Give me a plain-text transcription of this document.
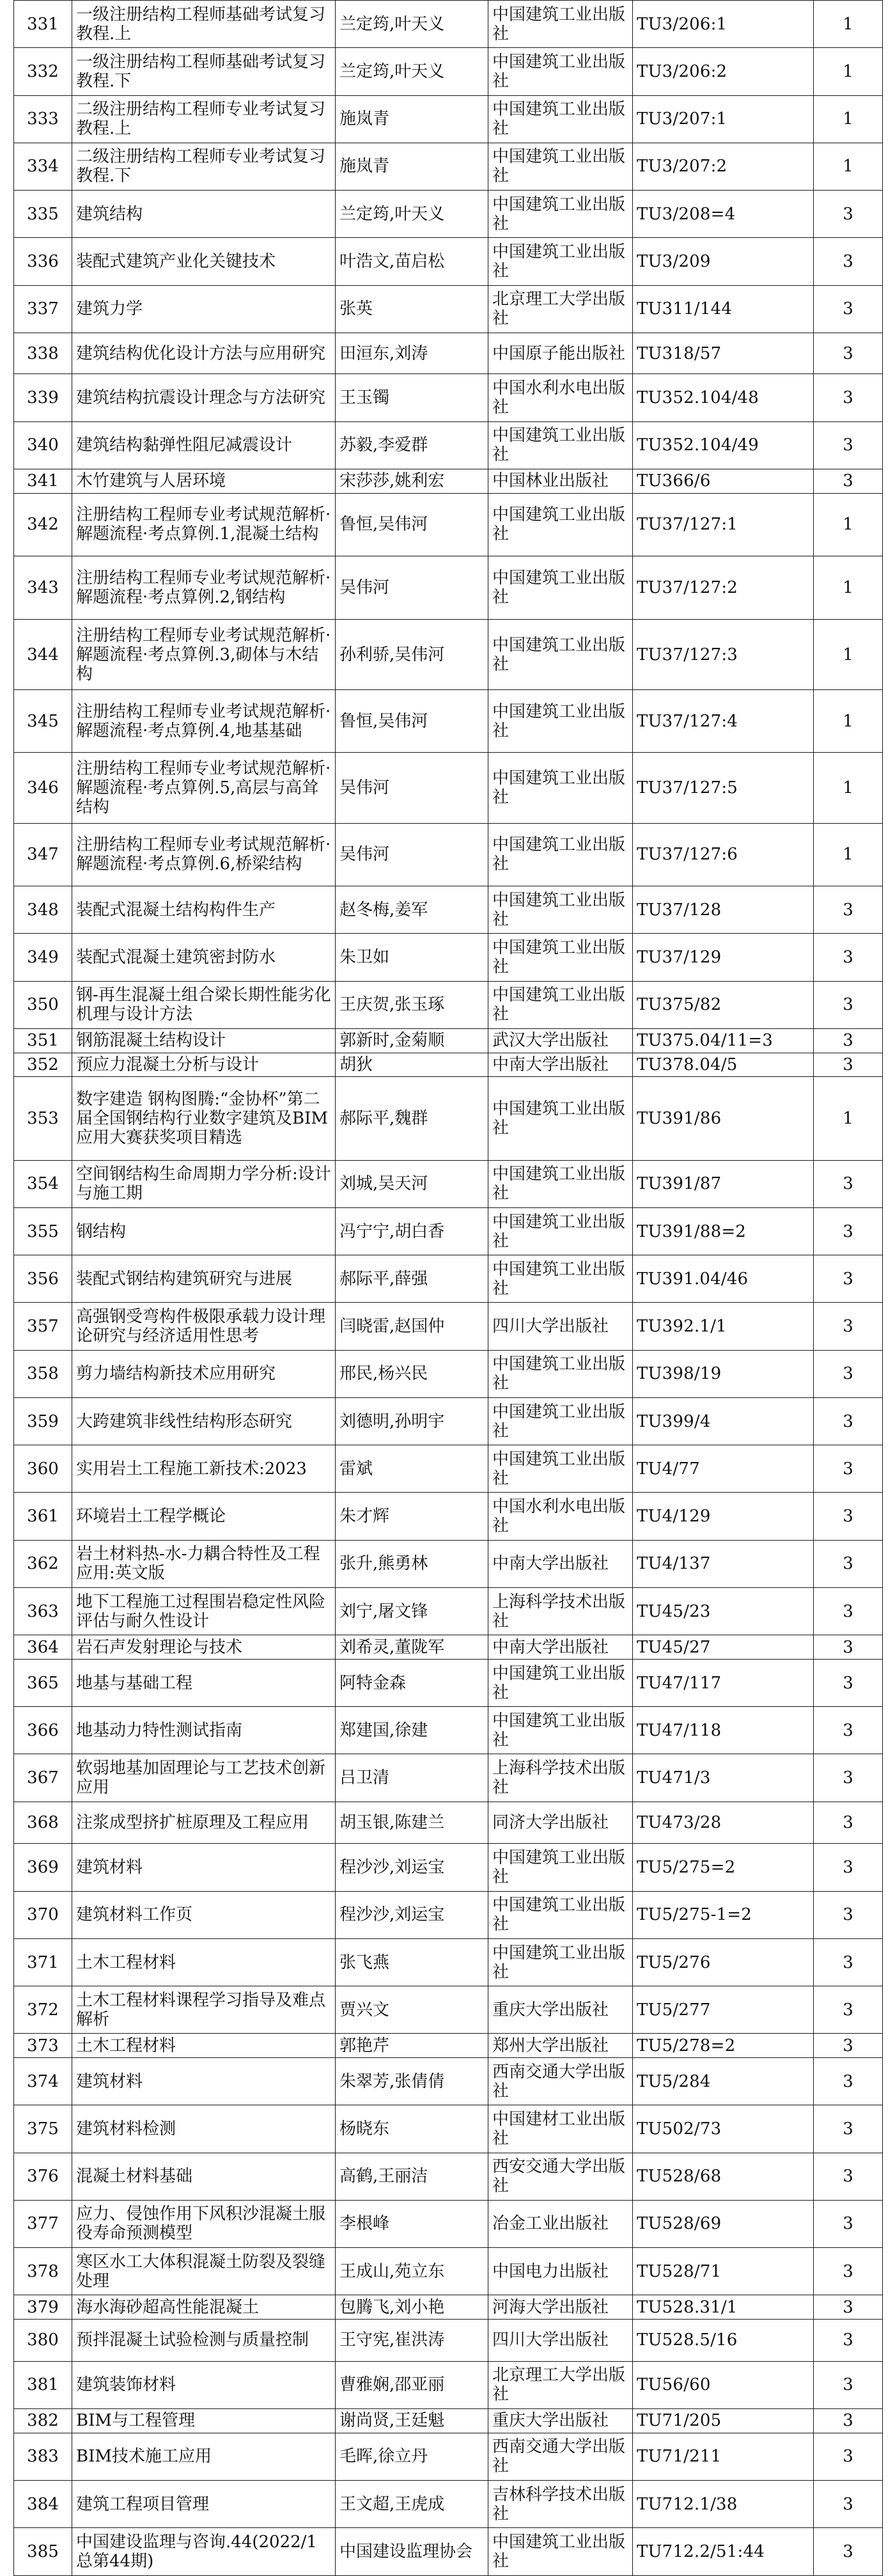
331	一级注册结构工程师基础考试复习教程.上	兰定筠,叶天义	中国建筑工业出版社	TU3/206:1	1
332	一级注册结构工程师基础考试复习教程.下	兰定筠,叶天义	中国建筑工业出版社	TU3/206:2	1
333	二级注册结构工程师专业考试复习教程.上	施岚青	中国建筑工业出版社	TU3/207:1	1
334	二级注册结构工程师专业考试复习教程.下	施岚青	中国建筑工业出版社	TU3/207:2	1
335	建筑结构	兰定筠,叶天义	中国建筑工业出版社	TU3/208=4	3
336	装配式建筑产业化关键技术	叶浩文,苗启松	中国建筑工业出版社	TU3/209	3
337	建筑力学	张英	北京理工大学出版社	TU311/144	3
338	建筑结构优化设计方法与应用研究	田洹东,刘涛	中国原子能出版社	TU318/57	3
339	建筑结构抗震设计理念与方法研究	王玉镯	中国水利水电出版社	TU352.104/48	3
340	建筑结构黏弹性阻尼减震设计	苏毅,李爱群	中国建筑工业出版社	TU352.104/49	3
341	木竹建筑与人居环境	宋莎莎,姚利宏	中国林业出版社	TU366/6	3
342	注册结构工程师专业考试规范解析·解题流程·考点算例.1,混凝土结构	鲁恒,吴伟河	中国建筑工业出版社	TU37/127:1	1
343	注册结构工程师专业考试规范解析·解题流程·考点算例.2,钢结构	吴伟河	中国建筑工业出版社	TU37/127:2	1
344	注册结构工程师专业考试规范解析·解题流程·考点算例.3,砌体与木结构	孙利骄,吴伟河	中国建筑工业出版社	TU37/127:3	1
345	注册结构工程师专业考试规范解析·解题流程·考点算例.4,地基基础	鲁恒,吴伟河	中国建筑工业出版社	TU37/127:4	1
346	注册结构工程师专业考试规范解析·解题流程·考点算例.5,高层与高耸结构	吴伟河	中国建筑工业出版社	TU37/127:5	1
347	注册结构工程师专业考试规范解析·解题流程·考点算例.6,桥梁结构	吴伟河	中国建筑工业出版社	TU37/127:6	1
348	装配式混凝土结构构件生产	赵冬梅,姜军	中国建筑工业出版社	TU37/128	3
349	装配式混凝土建筑密封防水	朱卫如	中国建筑工业出版社	TU37/129	3
350	钢-再生混凝土组合梁长期性能劣化机理与设计方法	王庆贺,张玉琢	中国建筑工业出版社	TU375/82	3
351	钢筋混凝土结构设计	郭新时,金菊顺	武汉大学出版社	TU375.04/11=3	3
352	预应力混凝土分析与设计	胡狄	中南大学出版社	TU378.04/5	3
353	数字建造 钢构图腾:“金协杯”第二届全国钢结构行业数字建筑及BIM应用大赛获奖项目精选	郝际平,魏群	中国建筑工业出版社	TU391/86	1
354	空间钢结构生命周期力学分析:设计与施工期	刘城,吴天河	中国建筑工业出版社	TU391/87	3
355	钢结构	冯宁宁,胡白香	中国建筑工业出版社	TU391/88=2	3
356	装配式钢结构建筑研究与进展	郝际平,薛强	中国建筑工业出版社	TU391.04/46	3
357	高强钢受弯构件极限承载力设计理论研究与经济适用性思考	闫晓雷,赵国仲	四川大学出版社	TU392.1/1	3
358	剪力墙结构新技术应用研究	邢民,杨兴民	中国建筑工业出版社	TU398/19	3
359	大跨建筑非线性结构形态研究	刘德明,孙明宇	中国建筑工业出版社	TU399/4	3
360	实用岩土工程施工新技术:2023	雷斌	中国建筑工业出版社	TU4/77	3
361	环境岩土工程学概论	朱才辉	中国水利水电出版社	TU4/129	3
362	岩土材料热-水-力耦合特性及工程应用:英文版	张升,熊勇林	中南大学出版社	TU4/137	3
363	地下工程施工过程围岩稳定性风险评估与耐久性设计	刘宁,屠文锋	上海科学技术出版社	TU45/23	3
364	岩石声发射理论与技术	刘希灵,董陇军	中南大学出版社	TU45/27	3
365	地基与基础工程	阿特金森	中国建筑工业出版社	TU47/117	3
366	地基动力特性测试指南	郑建国,徐建	中国建筑工业出版社	TU47/118	3
367	软弱地基加固理论与工艺技术创新应用	吕卫清	上海科学技术出版社	TU471/3	3
368	注浆成型挤扩桩原理及工程应用	胡玉银,陈建兰	同济大学出版社	TU473/28	3
369	建筑材料	程沙沙,刘运宝	中国建筑工业出版社	TU5/275=2	3
370	建筑材料工作页	程沙沙,刘运宝	中国建筑工业出版社	TU5/275-1=2	3
371	土木工程材料	张飞燕	中国建筑工业出版社	TU5/276	3
372	土木工程材料课程学习指导及难点解析	贾兴文	重庆大学出版社	TU5/277	3
373	土木工程材料	郭艳芹	郑州大学出版社	TU5/278=2	3
374	建筑材料	朱翠芳,张倩倩	西南交通大学出版社	TU5/284	3
375	建筑材料检测	杨晓东	中国建材工业出版社	TU502/73	3
376	混凝土材料基础	高鹤,王丽洁	西安交通大学出版社	TU528/68	3
377	应力、侵蚀作用下风积沙混凝土服役寿命预测模型	李根峰	冶金工业出版社	TU528/69	3
378	寒区水工大体积混凝土防裂及裂缝处理	王成山,苑立东	中国电力出版社	TU528/71	3
379	海水海砂超高性能混凝土	包腾飞,刘小艳	河海大学出版社	TU528.31/1	3
380	预拌混凝土试验检测与质量控制	王守宪,崔洪涛	四川大学出版社	TU528.5/16	3
381	建筑装饰材料	曹雅娴,邵亚丽	北京理工大学出版社	TU56/60	3
382	BIM与工程管理	谢尚贤,王廷魁	重庆大学出版社	TU71/205	3
383	BIM技术施工应用	毛晖,徐立丹	西南交通大学出版社	TU71/211	3
384	建筑工程项目管理	王文超,王虎成	吉林科学技术出版社	TU712.1/38	3
385	中国建设监理与咨询.44(2022/1 总第44期)	中国建设监理协会	中国建筑工业出版社	TU712.2/51:44	3
